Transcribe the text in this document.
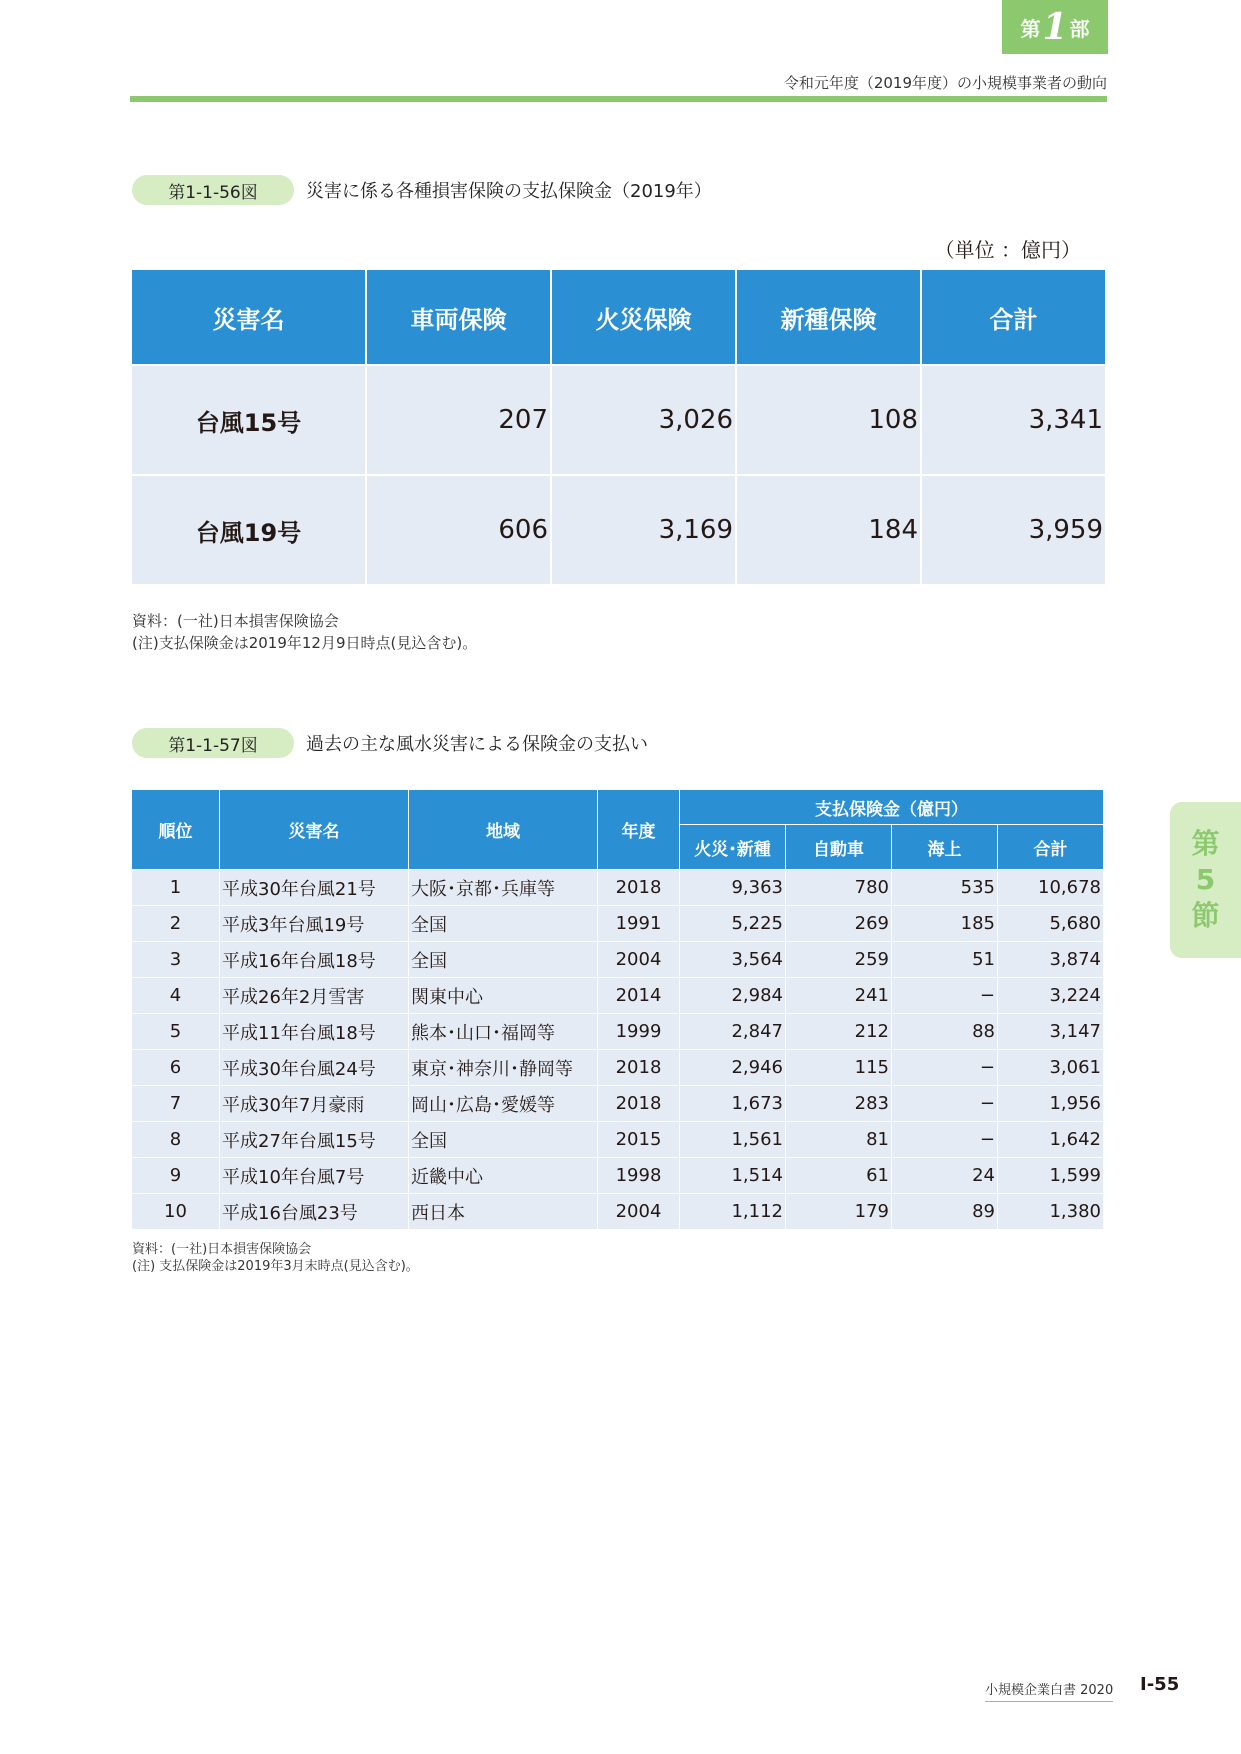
第 1 部
令和元年度（2019年度）の小規模事業者の動向
第1-1-56図	災害に係る各種損害保険の支払保険金（2019年）
（単位 ：億円）
災害名	車両保険	火災保険	新種保険	合計
台風15号	207	3,026	108	3,341
台風19号	606	3,169	184	3,959
資料：(一社)日本損害保険協会
(注)支払保険金は2019年12月9日時点(見込含む)。
第1-1-57図	過去の主な風水災害による保険金の支払い
順位	災害名	地域	年度	支払保険金（億円）			
				火災･新種	自動車	海上	合計
1	平成30年台風21号	大阪･京都･兵庫等	2018	9,363	780	535	10,678
2	平成3年台風19号	全国	1991	5,225	269	185	5,680
3	平成16年台風18号	全国	2004	3,564	259	51	3,874
4	平成26年2月雪害	関東中心	2014	2,984	241	−	3,224
5	平成11年台風18号	熊本･山口･福岡等	1999	2,847	212	88	3,147
6	平成30年台風24号	東京･神奈川･静岡等	2018	2,946	115	−	3,061
7	平成30年7月豪雨	岡山･広島･愛媛等	2018	1,673	283	−	1,956
8	平成27年台風15号	全国	2015	1,561	81	−	1,642
9	平成10年台風7号	近畿中心	1998	1,514	61	24	1,599
10	平成16台風23号	西日本	2004	1,112	179	89	1,380
資料：(一社)日本損害保険協会
(注) 支払保険金は2019年3月末時点(見込含む)。
第
5
節
小規模企業白書 2020 Ⅰ-55
